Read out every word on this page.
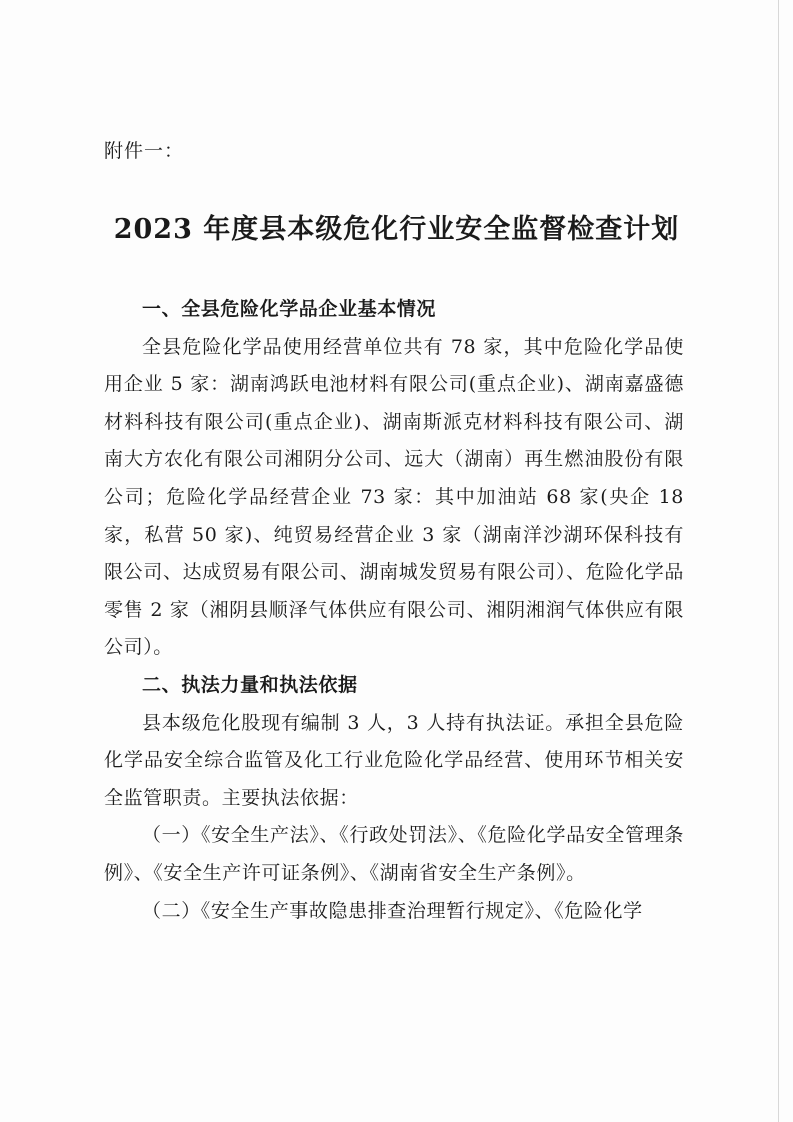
附件一：
2023 年度县本级危化行业安全监督检查计划

一、全县危险化学品企业基本情况

全县危险化学品使用经营单位共有 78 家，其中危险化学品使用企业 5 家：湖南鸿跃电池材料有限公司(重点企业)、湖南嘉盛德材料科技有限公司(重点企业)、湖南斯派克材料科技有限公司、湖南大方农化有限公司湘阴分公司、远大（湖南）再生燃油股份有限公司；危险化学品经营企业 73 家：其中加油站 68 家(央企 18 家，私营 50 家)、纯贸易经营企业 3 家（湖南洋沙湖环保科技有限公司、达成贸易有限公司、湖南城发贸易有限公司）、危险化学品零售 2 家（湘阴县顺泽气体供应有限公司、湘阴湘润气体供应有限公司）。

二、执法力量和执法依据

县本级危化股现有编制 3 人，3 人持有执法证。承担全县危险化学品安全综合监管及化工行业危险化学品经营、使用环节相关安全监管职责。主要执法依据：

（一）《安全生产法》、《行政处罚法》、《危险化学品安全管理条例》、《安全生产许可证条例》、《湖南省安全生产条例》。

（二）《安全生产事故隐患排查治理暂行规定》、《危险化学
